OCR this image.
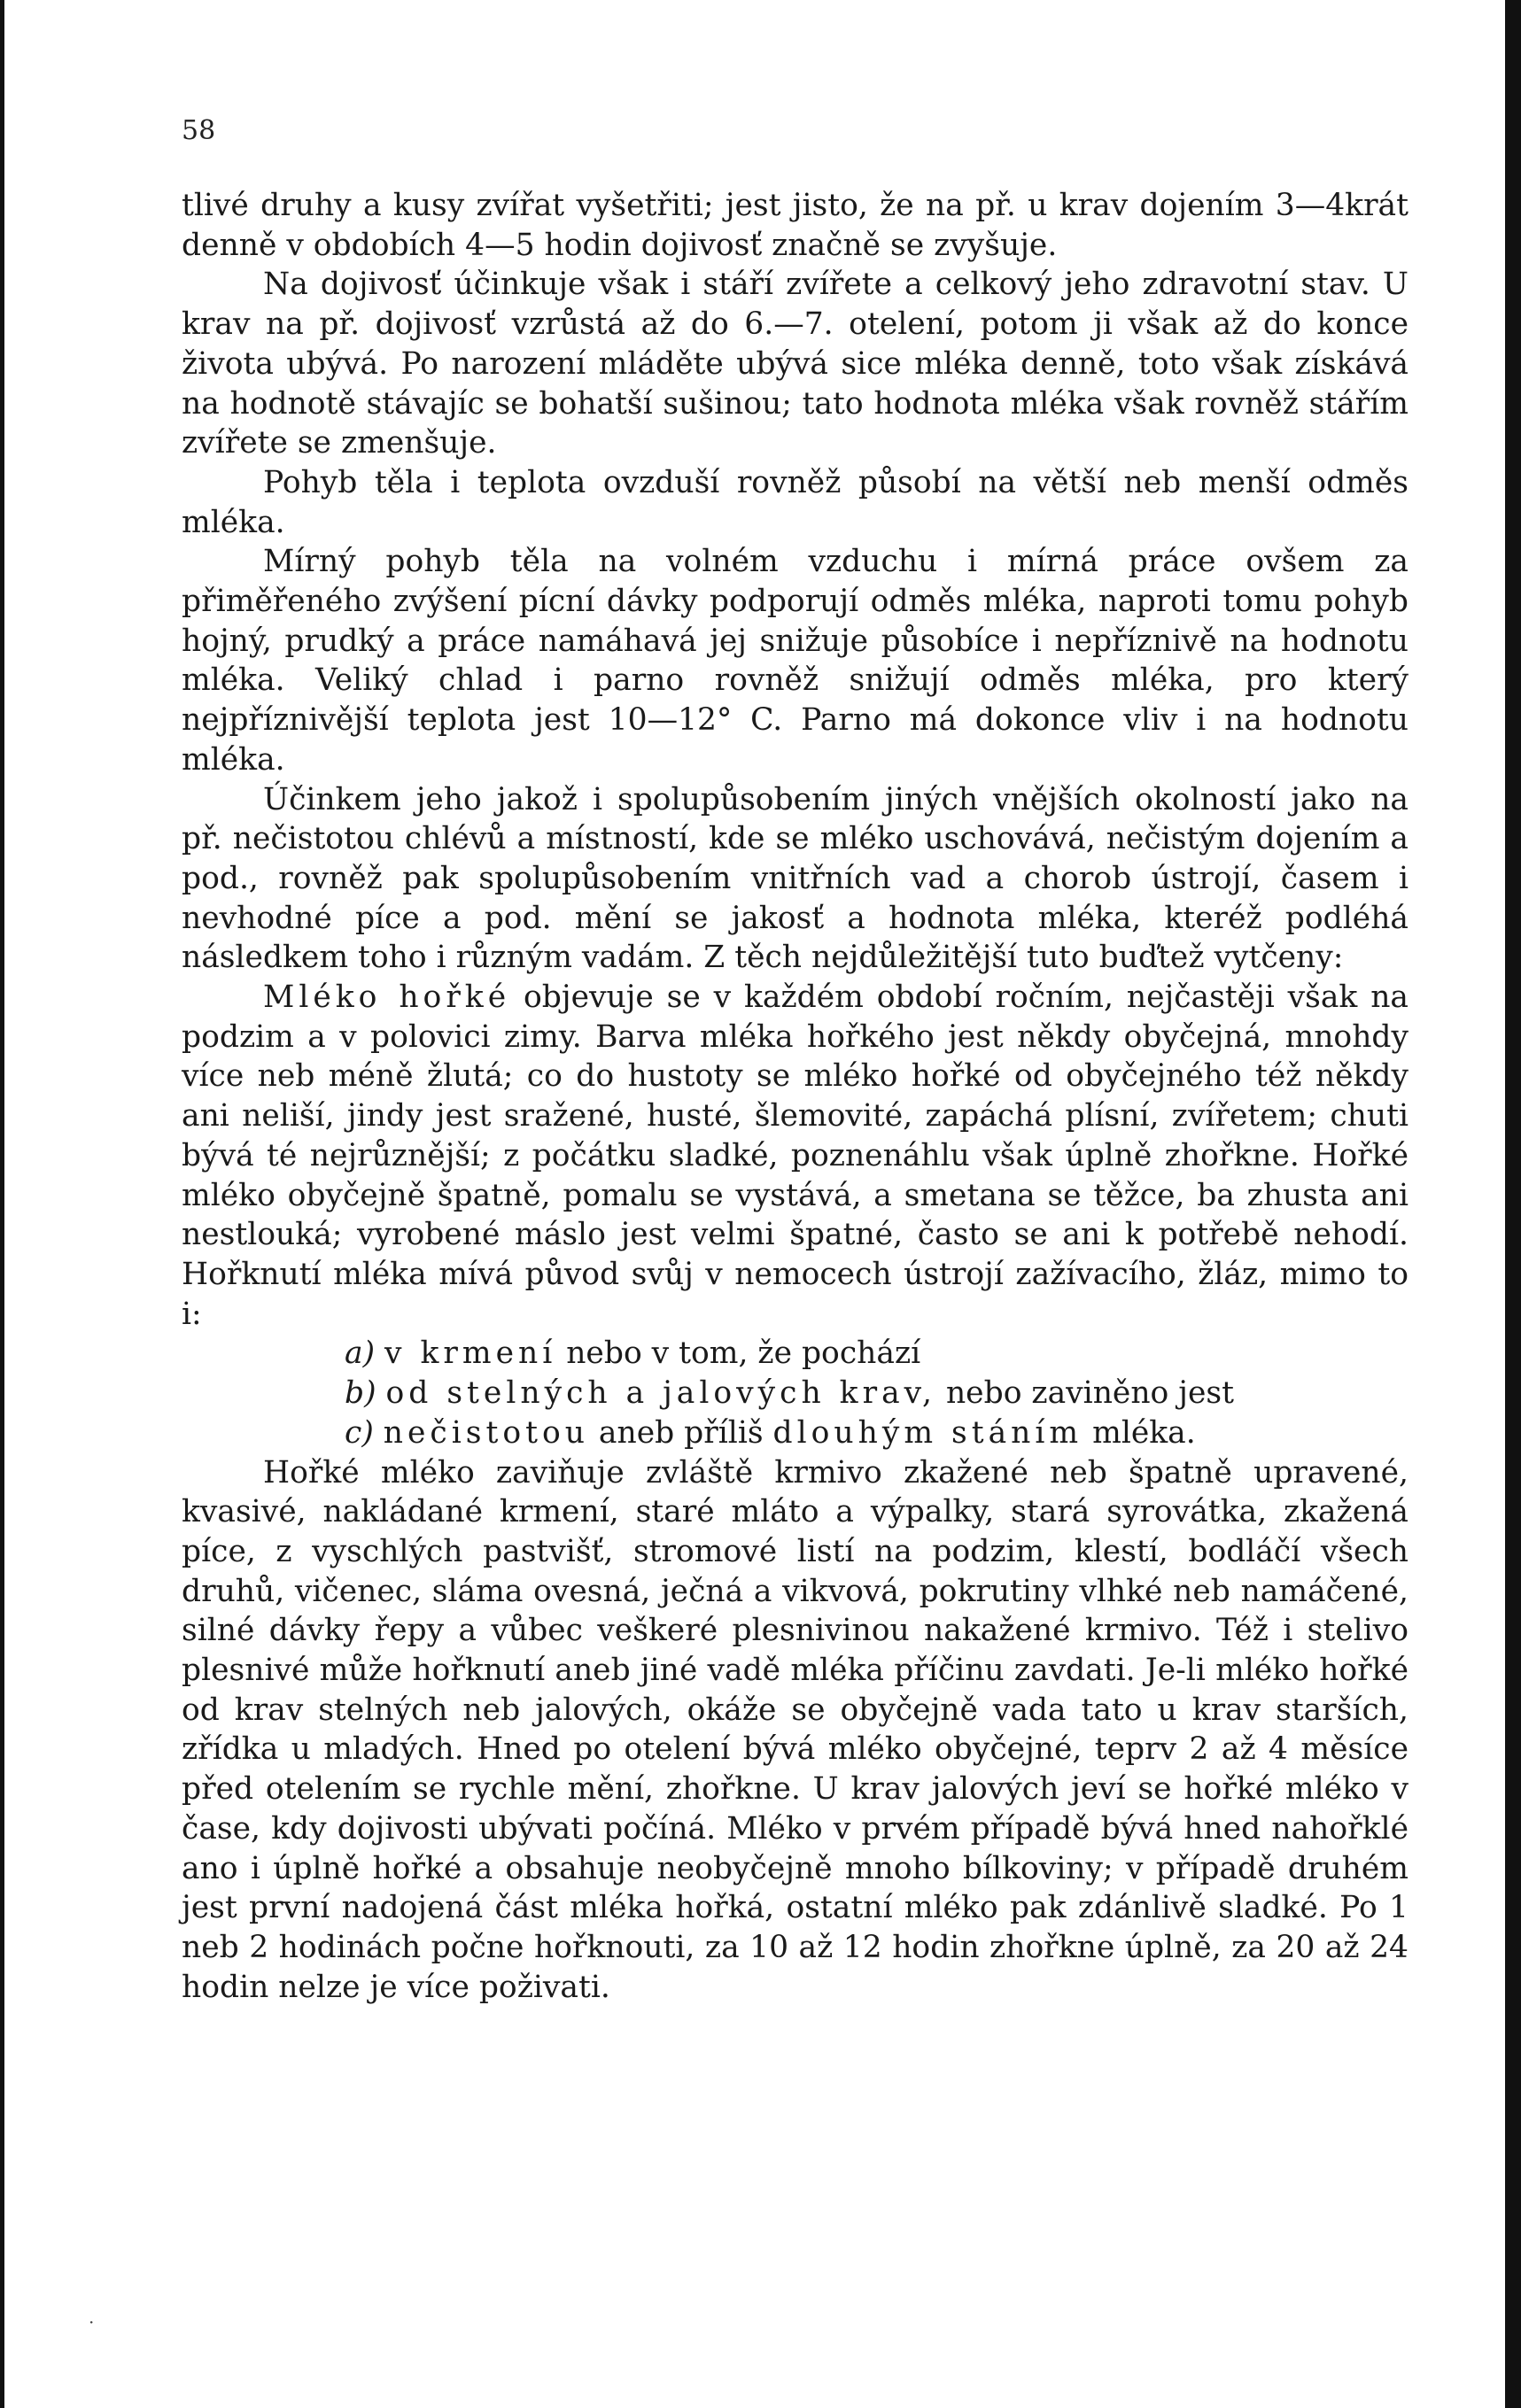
58

tlivé druhy a kusy zvířat vyšetřiti; jest jisto, že na př. u krav dojením 3—4krát denně v obdobích 4—5 hodin dojivosť značně se zvyšuje.

Na dojivosť účinkuje však i stáří zvířete a celkový jeho zdravotní stav. U krav na př. dojivosť vzrůstá až do 6.—7. otelení, potom ji však až do konce života ubývá. Po narození mláděte ubývá sice mléka denně, toto však získává na hodnotě stávajíc se bohatší sušinou; tato hodnota mléka však rovněž stářím zvířete se zmenšuje.

Pohyb těla i teplota ovzduší rovněž působí na větší neb menší odměs mléka.

Mírný pohyb těla na volném vzduchu i mírná práce ovšem za přiměřeného zvýšení pícní dávky podporují odměs mléka, naproti tomu pohyb hojný, prudký a práce namáhavá jej snižuje působíce i nepříznivě na hodnotu mléka. Veliký chlad i parno rovněž snižují odměs mléka, pro který nejpříznivější teplota jest 10—12° C. Parno má dokonce vliv i na hodnotu mléka.

Účinkem jeho jakož i spolupůsobením jiných vnějších okolností jako na př. nečistotou chlévů a místností, kde se mléko uschovává, nečistým dojením a pod., rovněž pak spolupůsobením vnitřních vad a chorob ústrojí, časem i nevhodné píce a pod. mění se jakosť a hodnota mléka, kteréž podléhá následkem toho i různým vadám. Z těch nejdůležitější tuto buďtež vytčeny:

Mléko hořké objevuje se v každém období ročním, nejčastěji však na podzim a v polovici zimy. Barva mléka hořkého jest někdy obyčejná, mnohdy více neb méně žlutá; co do hustoty se mléko hořké od obyčejného též někdy ani neliší, jindy jest sražené, husté, šlemovité, zapáchá plísní, zvířetem; chuti bývá té nejrůznější; z počátku sladké, poznenáhlu však úplně zhořkne. Hořké mléko obyčejně špatně, pomalu se vystává, a smetana se těžce, ba zhusta ani nestlouká; vyrobené máslo jest velmi špatné, často se ani k potřebě nehodí. Hořknutí mléka mívá původ svůj v nemocech ústrojí zažívacího, žláz, mimo to i:

a) v krmení nebo v tom, že pochází

b) od stelných a jalových krav, nebo zaviněno jest

c) nečistotou aneb příliš dlouhým stáním mléka.

Hořké mléko zaviňuje zvláště krmivo zkažené neb špatně upravené, kvasivé, nakládané krmení, staré mláto a výpalky, stará syrovátka, zkažená píce, z vyschlých pastvišť, stromové listí na podzim, klestí, bodláčí všech druhů, vičenec, sláma ovesná, ječná a vikvová, pokrutiny vlhké neb namáčené, silné dávky řepy a vůbec veškeré plesnivinou nakažené krmivo. Též i stelivo plesnivé může hořknutí aneb jiné vadě mléka příčinu zavdati. Je-li mléko hořké od krav stelných neb jalových, okáže se obyčejně vada tato u krav starších, zřídka u mladých. Hned po otelení bývá mléko obyčejné, teprv 2 až 4 měsíce před otelením se rychle mění, zhořkne. U krav jalových jeví se hořké mléko v čase, kdy dojivosti ubývati počíná. Mléko v prvém případě bývá hned nahořklé ano i úplně hořké a obsahuje neobyčejně mnoho bílkoviny; v případě druhém jest první nadojená část mléka hořká, ostatní mléko pak zdánlivě sladké. Po 1 neb 2 hodinách počne hořknouti, za 10 až 12 hodin zhořkne úplně, za 20 až 24 hodin nelze je více poživati.

·
